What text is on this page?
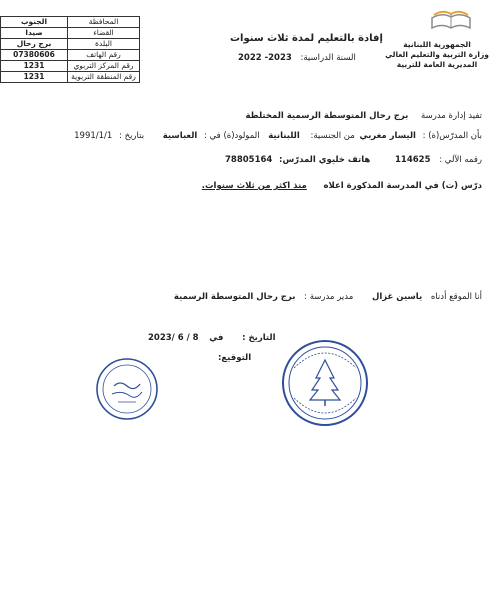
المحافظة	الجنوب
القضاء	صيدا
البلدة	برج رحال
رقم الهاتف	07380606
رقم المركز التربوي	1231
رقم المنطقة التربوية	1231
الجمهورية اللبنانية
وزارة التربية والتعليم العالي
المديرية العامة للتربية
إفادة بالتعليم لمدة ثلاث سنوات
السنة الدراسية: 2022 -2023
تفيد إدارة مدرسة برج رحال المتوسطة الرسمية المختلطة
بأن المدرّس(ة) : اليسار مغربي من الجنسية: اللبنانية المولود(ة) في : العباسية بتاريخ : 1991/1/1
رقمه الآلي : 114625 هاتف خليوي المدرّس: 78805164
درّس (ت) في المدرسة المذكورة اعلاه منذ اكثر من ثلاث سنوات.
أنا الموقع أدناه ياسين غزال مدير مدرسة : برج رحال المتوسطة الرسمية
التاريخ : في 2023/ 6 / 8
التوقيع:
